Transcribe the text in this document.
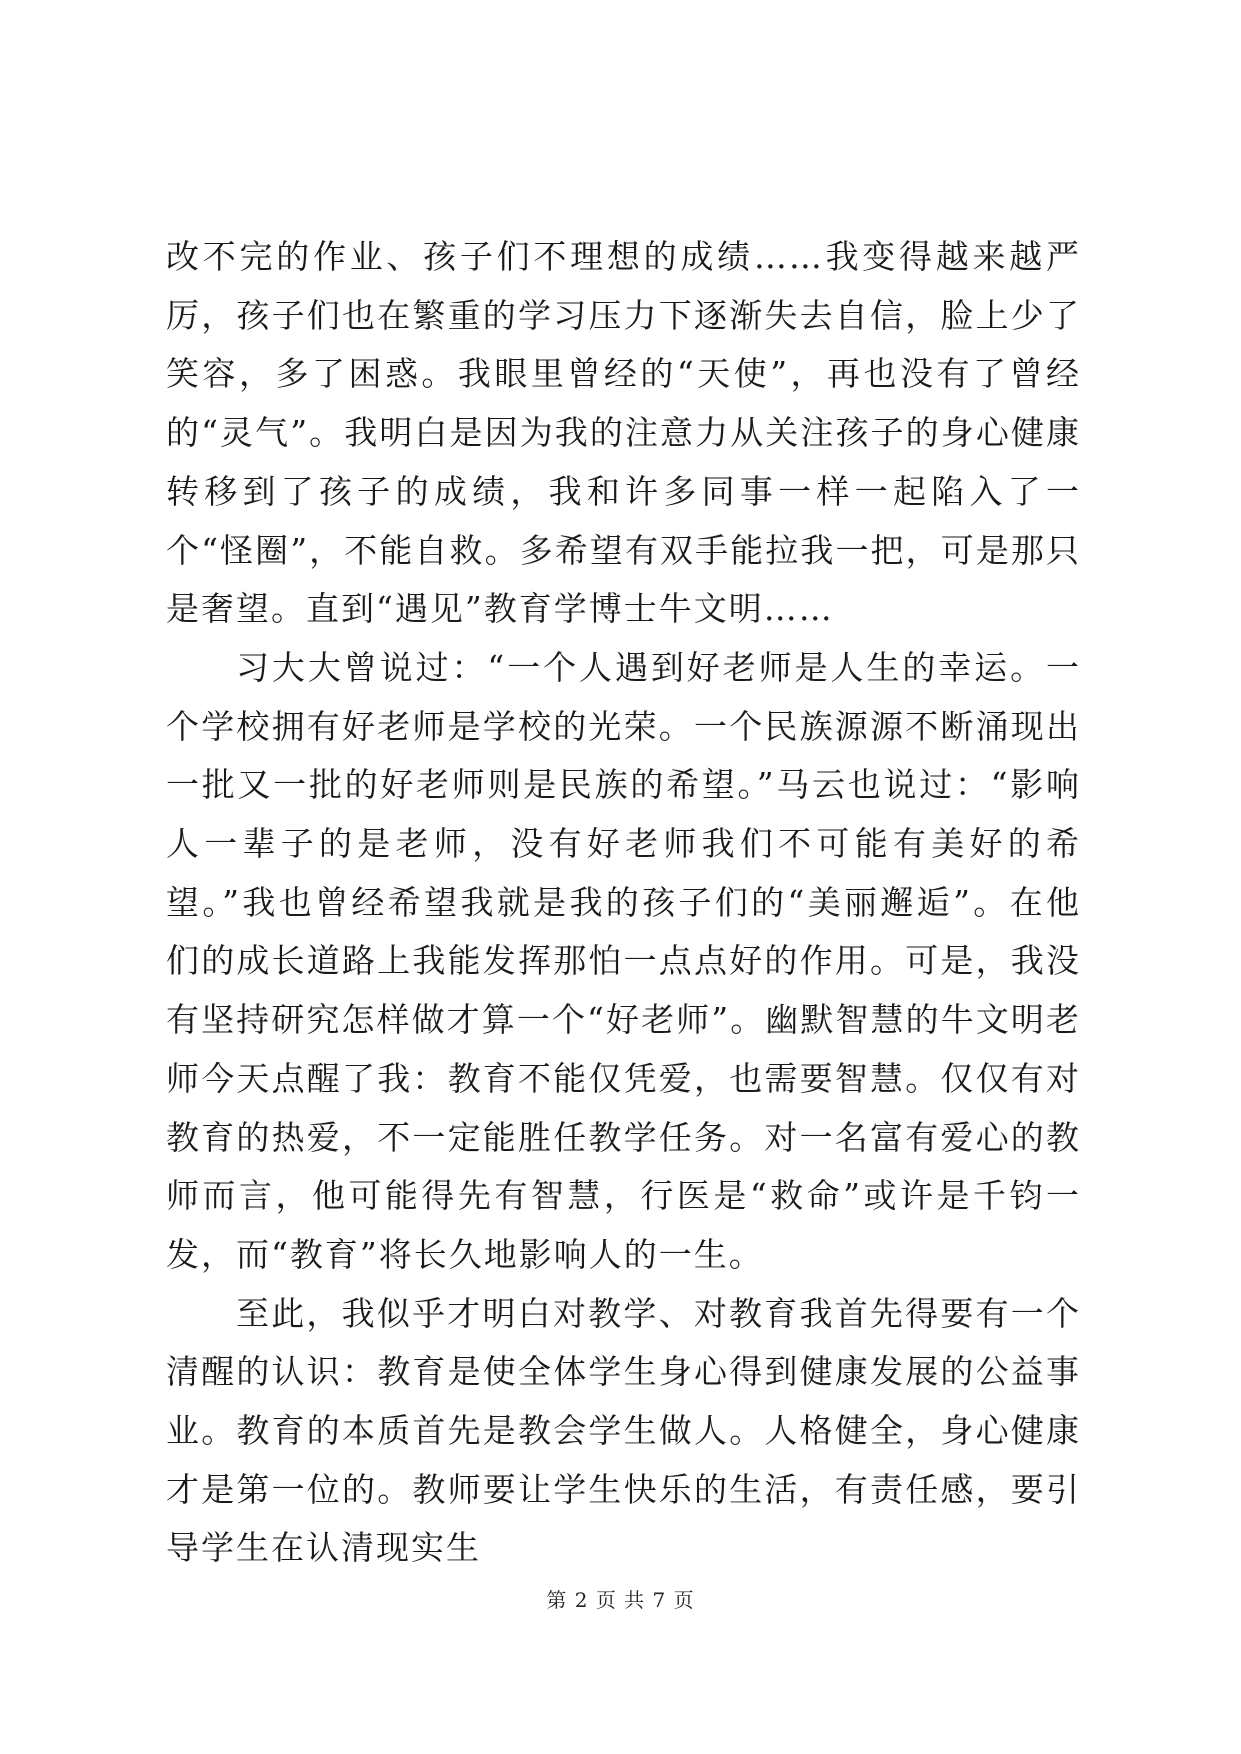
改不完的作业、孩子们不理想的成绩……我变得越来越严厉，孩子们也在繁重的学习压力下逐渐失去自信，脸上少了笑容，多了困惑。我眼里曾经的“天使”，再也没有了曾经的“灵气”。我明白是因为我的注意力从关注孩子的身心健康转移到了孩子的成绩，我和许多同事一样一起陷入了一个“怪圈”，不能自救。多希望有双手能拉我一把，可是那只是奢望。直到“遇见”教育学博士牛文明……

习大大曾说过：“一个人遇到好老师是人生的幸运。一个学校拥有好老师是学校的光荣。一个民族源源不断涌现出一批又一批的好老师则是民族的希望。”马云也说过：“影响人一辈子的是老师，没有好老师我们不可能有美好的希望。”我也曾经希望我就是我的孩子们的“美丽邂逅”。在他们的成长道路上我能发挥那怕一点点好的作用。可是，我没有坚持研究怎样做才算一个“好老师”。幽默智慧的牛文明老师今天点醒了我：教育不能仅凭爱，也需要智慧。仅仅有对教育的热爱，不一定能胜任教学任务。对一名富有爱心的教师而言，他可能得先有智慧，行医是“救命”或许是千钧一发，而“教育”将长久地影响人的一生。

至此，我似乎才明白对教学、对教育我首先得要有一个清醒的认识：教育是使全体学生身心得到健康发展的公益事业。教育的本质首先是教会学生做人。人格健全，身心健康才是第一位的。教师要让学生快乐的生活，有责任感，要引导学生在认清现实生

第 2 页 共 7 页
